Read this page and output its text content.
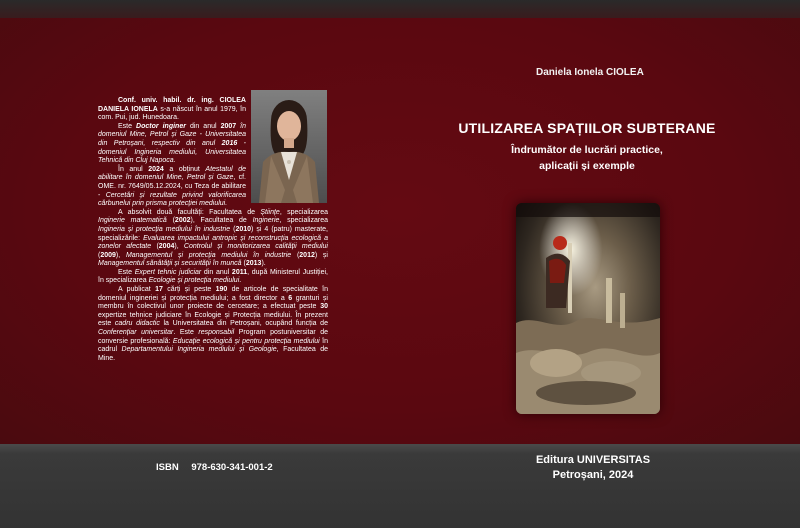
Daniela Ionela CIOLEA
UTILIZAREA SPAȚIILOR SUBTERANE
Îndrumător de lucrări practice,
aplicații și exemple

Conf. univ. habil. dr. ing. CIOLEA DANIELA IONELA s-a născut în anul 1979, în com. Pui, jud. Hunedoara.

Este Doctor inginer din anul 2007 în domeniul Mine, Petrol și Gaze - Universitatea din Petroșani, respectiv din anul 2016 - domeniul Ingineria mediului, Universitatea Tehnică din Cluj Napoca.

În anul 2024 a obținut Atestatul de abilitare în domeniul Mine, Petrol și Gaze, cf. OME. nr. 7649/05.12.2024, cu Teza de abilitare - Cercetări și rezultate privind valorificarea cărbunelui prin prisma protecției mediului.

A absolvit două facultăți: Facultatea de Științe, specializarea Inginerie matematică (2002), Facultatea de Inginerie, specializarea Ingineria și protecția mediului în industrie (2010) și 4 (patru) masterate, specializările: Evaluarea impactului antropic și reconstrucția ecologică a zonelor afectate (2004), Controlul și monitorizarea calității mediului (2009), Managementul și protecția mediului în industrie (2012) și Managementul sănătății și securității în muncă (2013).

Este Expert tehnic judiciar din anul 2011, după Ministerul Justiției, în specializarea Ecologie și protecția mediului.

A publicat 17 cărți și peste 190 de articole de specialitate în domeniul ingineriei și protecția mediului; a fost director a 6 granturi și membru în colectivul unor proiecte de cercetare; a efectuat peste 30 expertize tehnice judiciare în Ecologie și Protecția mediului. În prezent este cadru didactic la Universitatea din Petroșani, ocupând funcția de Conferențiar universitar. Este responsabil Program postuniversitar de conversie profesională: Educație ecologică și pentru protecția mediului în cadrul Departamentului Ingineria mediului și Geologie, Facultatea de Mine.

ISBN 978-630-341-001-2
Editura UNIVERSITAS
Petroșani, 2024
